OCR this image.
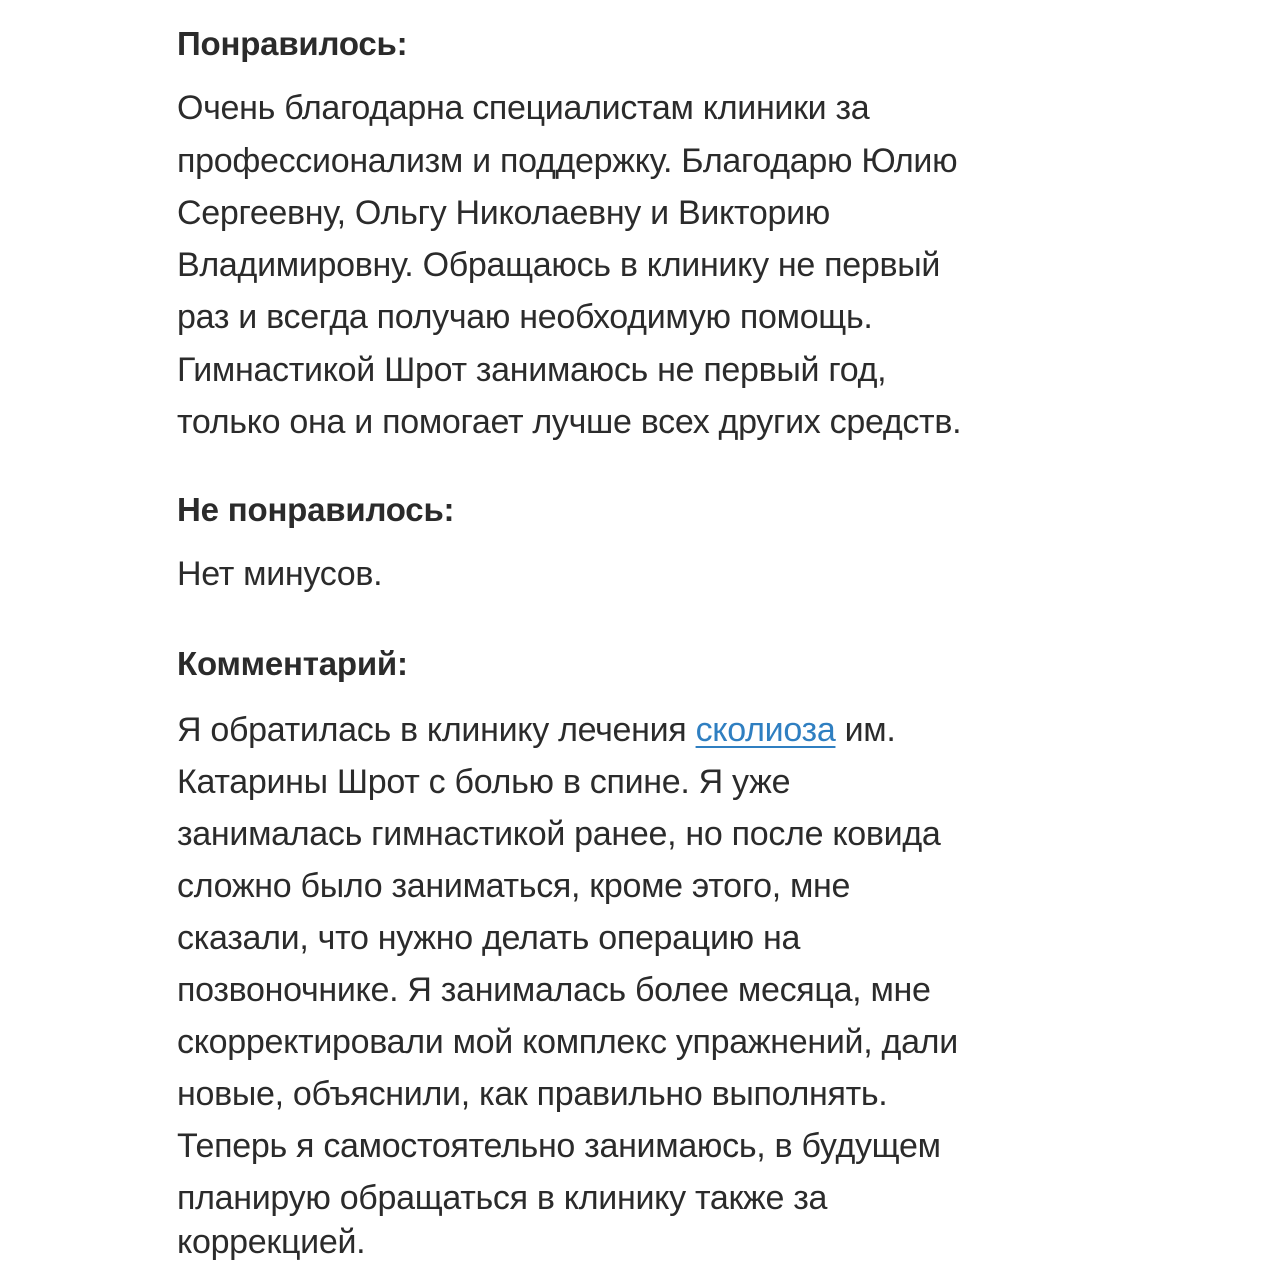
Понравилось:
Очень благодарна специалистам клиники за
профессионализм и поддержку. Благодарю Юлию
Сергеевну, Ольгу Николаевну и Викторию
Владимировну. Обращаюсь в клинику не первый
раз и всегда получаю необходимую помощь.
Гимнастикой Шрот занимаюсь не первый год,
только она и помогает лучше всех других средств.
Не понравилось:
Нет минусов.
Комментарий:
Я обратилась в клинику лечения сколиоза им.
Катарины Шрот с болью в спине. Я уже
занималась гимнастикой ранее, но после ковида
сложно было заниматься, кроме этого, мне
сказали, что нужно делать операцию на
позвоночнике. Я занималась более месяца, мне
скорректировали мой комплекс упражнений, дали
новые, объяснили, как правильно выполнять.
Теперь я самостоятельно занимаюсь, в будущем
планирую обращаться в клинику также за
коррекцией.
